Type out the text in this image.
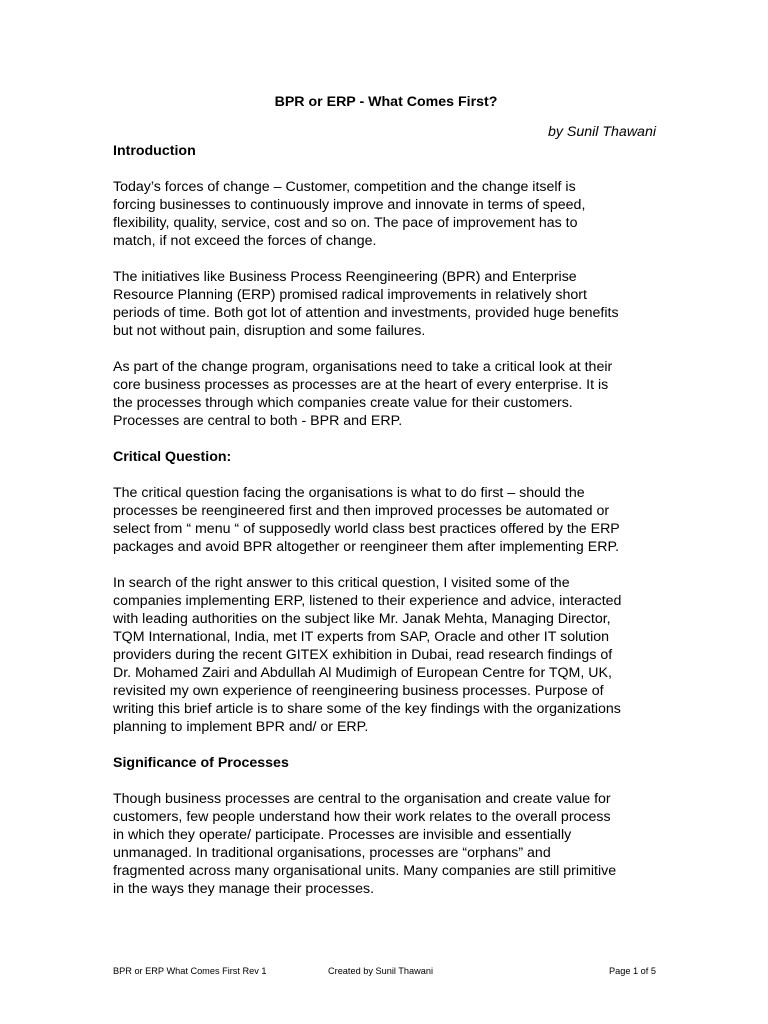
BPR or ERP - What Comes First?

by Sunil Thawani

Introduction

Today’s forces of change – Customer, competition and the change itself is
forcing businesses to continuously improve and innovate in terms of speed,
flexibility, quality, service, cost and so on. The pace of improvement has to
match, if not exceed the forces of change.

The initiatives like Business Process Reengineering (BPR) and Enterprise
Resource Planning (ERP) promised radical improvements in relatively short
periods of time. Both got lot of attention and investments, provided huge benefits
but not without pain, disruption and some failures.

As part of the change program, organisations need to take a critical look at their
core business processes as processes are at the heart of every enterprise. It is
the processes through which companies create value for their customers.
Processes are central to both - BPR and ERP.

Critical Question:

The critical question facing the organisations is what to do first – should the
processes be reengineered first and then improved processes be automated or
select from “ menu “ of supposedly world class best practices offered by the ERP
packages and avoid BPR altogether or reengineer them after implementing ERP.

In search of the right answer to this critical question, I visited some of the
companies implementing ERP, listened to their experience and advice, interacted
with leading authorities on the subject like Mr. Janak Mehta, Managing Director,
TQM International, India, met IT experts from SAP, Oracle and other IT solution
providers during the recent GITEX exhibition in Dubai, read research findings of
Dr. Mohamed Zairi and Abdullah Al Mudimigh of European Centre for TQM, UK,
revisited my own experience of reengineering business processes. Purpose of
writing this brief article is to share some of the key findings with the organizations
planning to implement BPR and/ or ERP.

Significance of Processes

Though business processes are central to the organisation and create value for
customers, few people understand how their work relates to the overall process
in which they operate/ participate. Processes are invisible and essentially
unmanaged. In traditional organisations, processes are “orphans” and
fragmented across many organisational units. Many companies are still primitive
in the ways they manage their processes.

BPR or ERP What Comes First Rev 1	Created by Sunil Thawani	Page 1 of 5
